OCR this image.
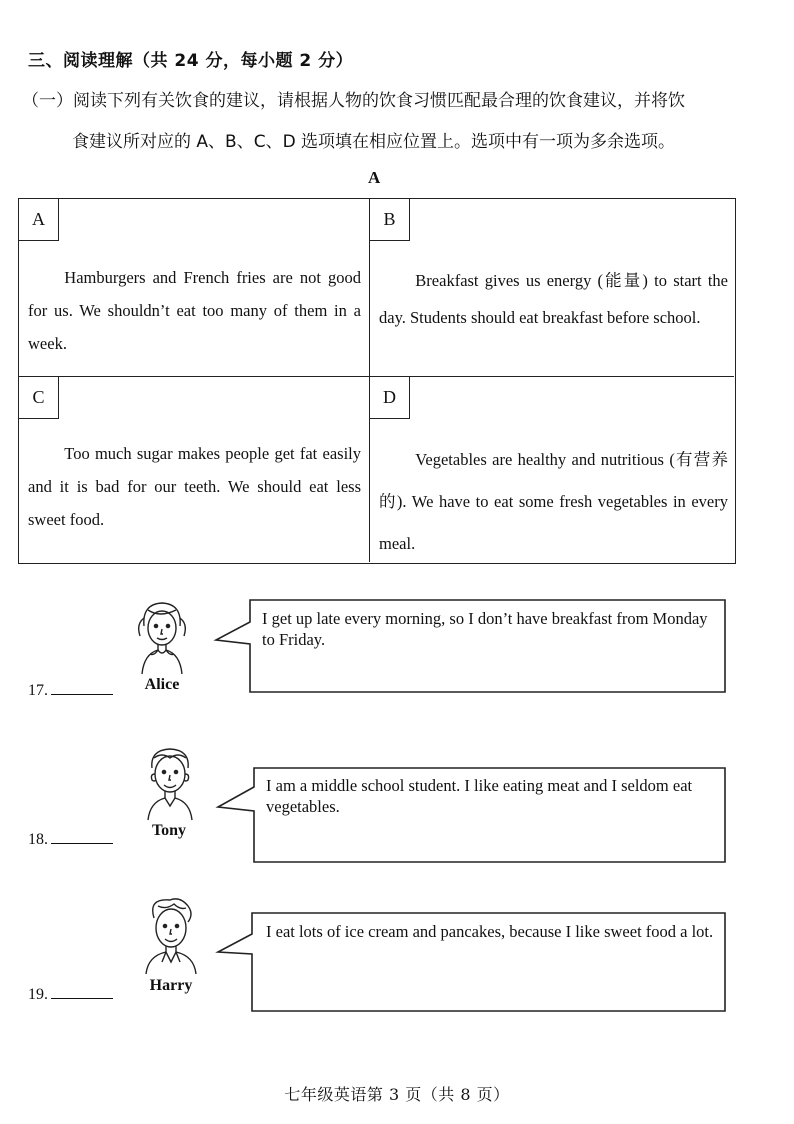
三、阅读理解（共 24 分，每小题 2 分）
（一）阅读下列有关饮食的建议，请根据人物的饮食习惯匹配最合理的饮食建议，并将饮
食建议所对应的 A、B、C、D 选项填在相应位置上。选项中有一项为多余选项。
A
A
Hamburgers and French fries are not good for us. We shouldn’t eat too many of them in a week.
B
Breakfast gives us energy (能量) to start the day. Students should eat breakfast before school.
C
Too much sugar makes people get fat easily and it is bad for our teeth. We should eat less sweet food.
D
Vegetables are healthy and nutritious (有营养的). We have to eat some fresh vegetables in every meal.
17.	Alice
I get up late every morning, so I don’t have breakfast from Monday to Friday.
18.
Tony
I am a middle school student. I like eating meat and I seldom eat vegetables.
19.
Harry
I eat lots of ice cream and pancakes, because I like sweet food a lot.
七年级英语第 3 页（共 8 页）
